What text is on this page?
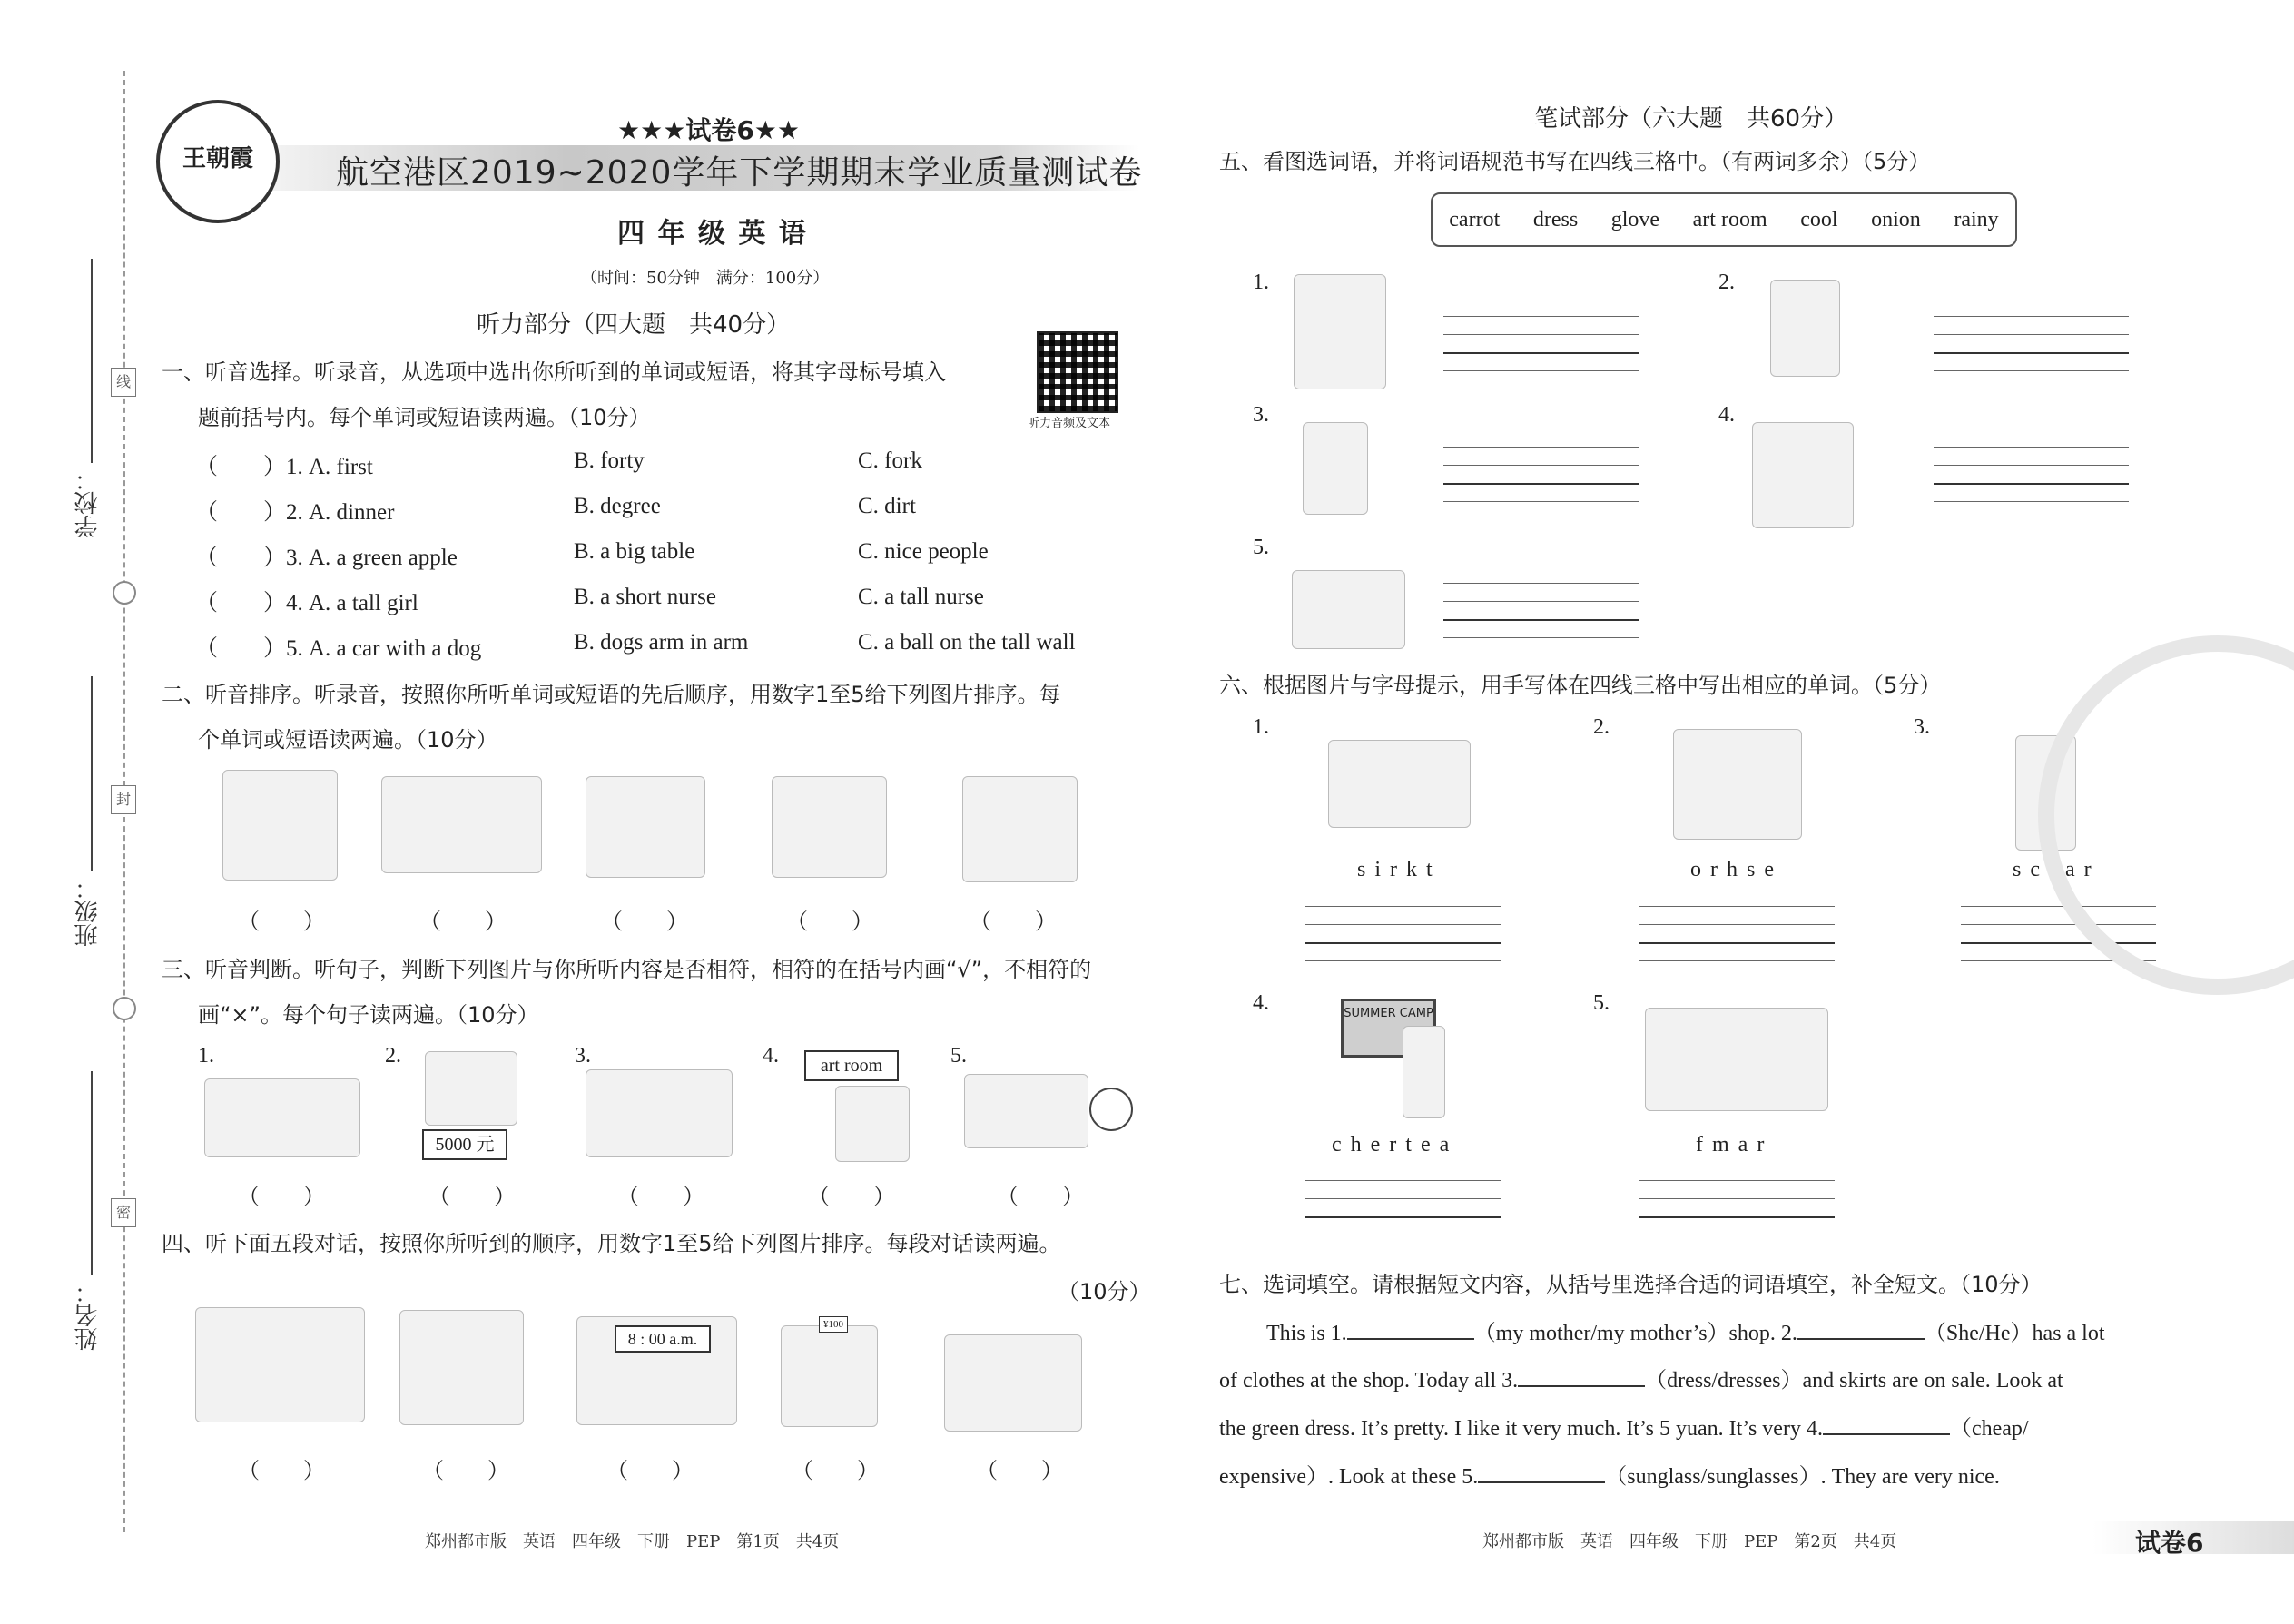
学校：
班级：
姓名：
线
封
密
王朝霞
★★★试卷6★★
航空港区2019~2020学年下学期期末学业质量测试卷
四 年 级 英 语
（时间：50分钟　满分：100分）
听力音频及文本
听力部分（四大题　共40分）
一、听音选择。听录音，从选项中选出你所听到的单词或短语，将其字母标号填入
题前括号内。每个单词或短语读两遍。（10分）
（　　）1. A. first	B. forty	C. fork
（　　）2. A. dinner	B. degree	C. dirt
（　　）3. A. a green apple	B. a big table	C. nice people
（　　）4. A. a tall girl	B. a short nurse	C. a tall nurse
（　　）5. A. a car with a dog	B. dogs arm in arm	C. a ball on the tall wall
二、听音排序。听录音，按照你所听单词或短语的先后顺序，用数字1至5给下列图片排序。每
个单词或短语读两遍。（10分）
（　　）	（　　）	（　　）	（　　）	（　　）
三、听音判断。听句子，判断下列图片与你所听内容是否相符，相符的在括号内画“√”，不相符的
画“×”。每个句子读两遍。（10分）
1.	2.	3.	4.	5.
5000 元
art room
（　　）	（　　）	（　　）	（　　）	（　　）
四、听下面五段对话，按照你所听到的顺序，用数字1至5给下列图片排序。每段对话读两遍。
（10分）
8 : 00 a.m.
¥100
（　　）	（　　）	（　　）	（　　）	（　　）
郑州都市版　英语　四年级　下册　PEP　第1页　共4页
笔试部分（六大题　共60分）
五、看图选词语，并将词语规范书写在四线三格中。（有两词多余）（5分）
carrot dress glove art room cool onion rainy
1.	2.
3.	4.
5.
六、根据图片与字母提示，用手写体在四线三格中写出相应的单词。（5分）
1.
s i r k t
2.
o r h s e
3.
s c f a r
4.	SUMMER CAMP
c h e r t e a
5.
f m a r
七、选词填空。请根据短文内容，从括号里选择合适的词语填空，补全短文。（10分）
This is 1.	（my mother/my mother’s）shop. 2.	（She/He）has a lot
of clothes at the shop. Today all 3.	（dress/dresses）and skirts are on sale. Look at
the green dress. It’s pretty. I like it very much. It’s 5 yuan. It’s very 4.	（cheap/
expensive）. Look at these 5.	（sunglass/sunglasses）. They are very nice.
郑州都市版　英语　四年级　下册　PEP　第2页　共4页	试卷6
